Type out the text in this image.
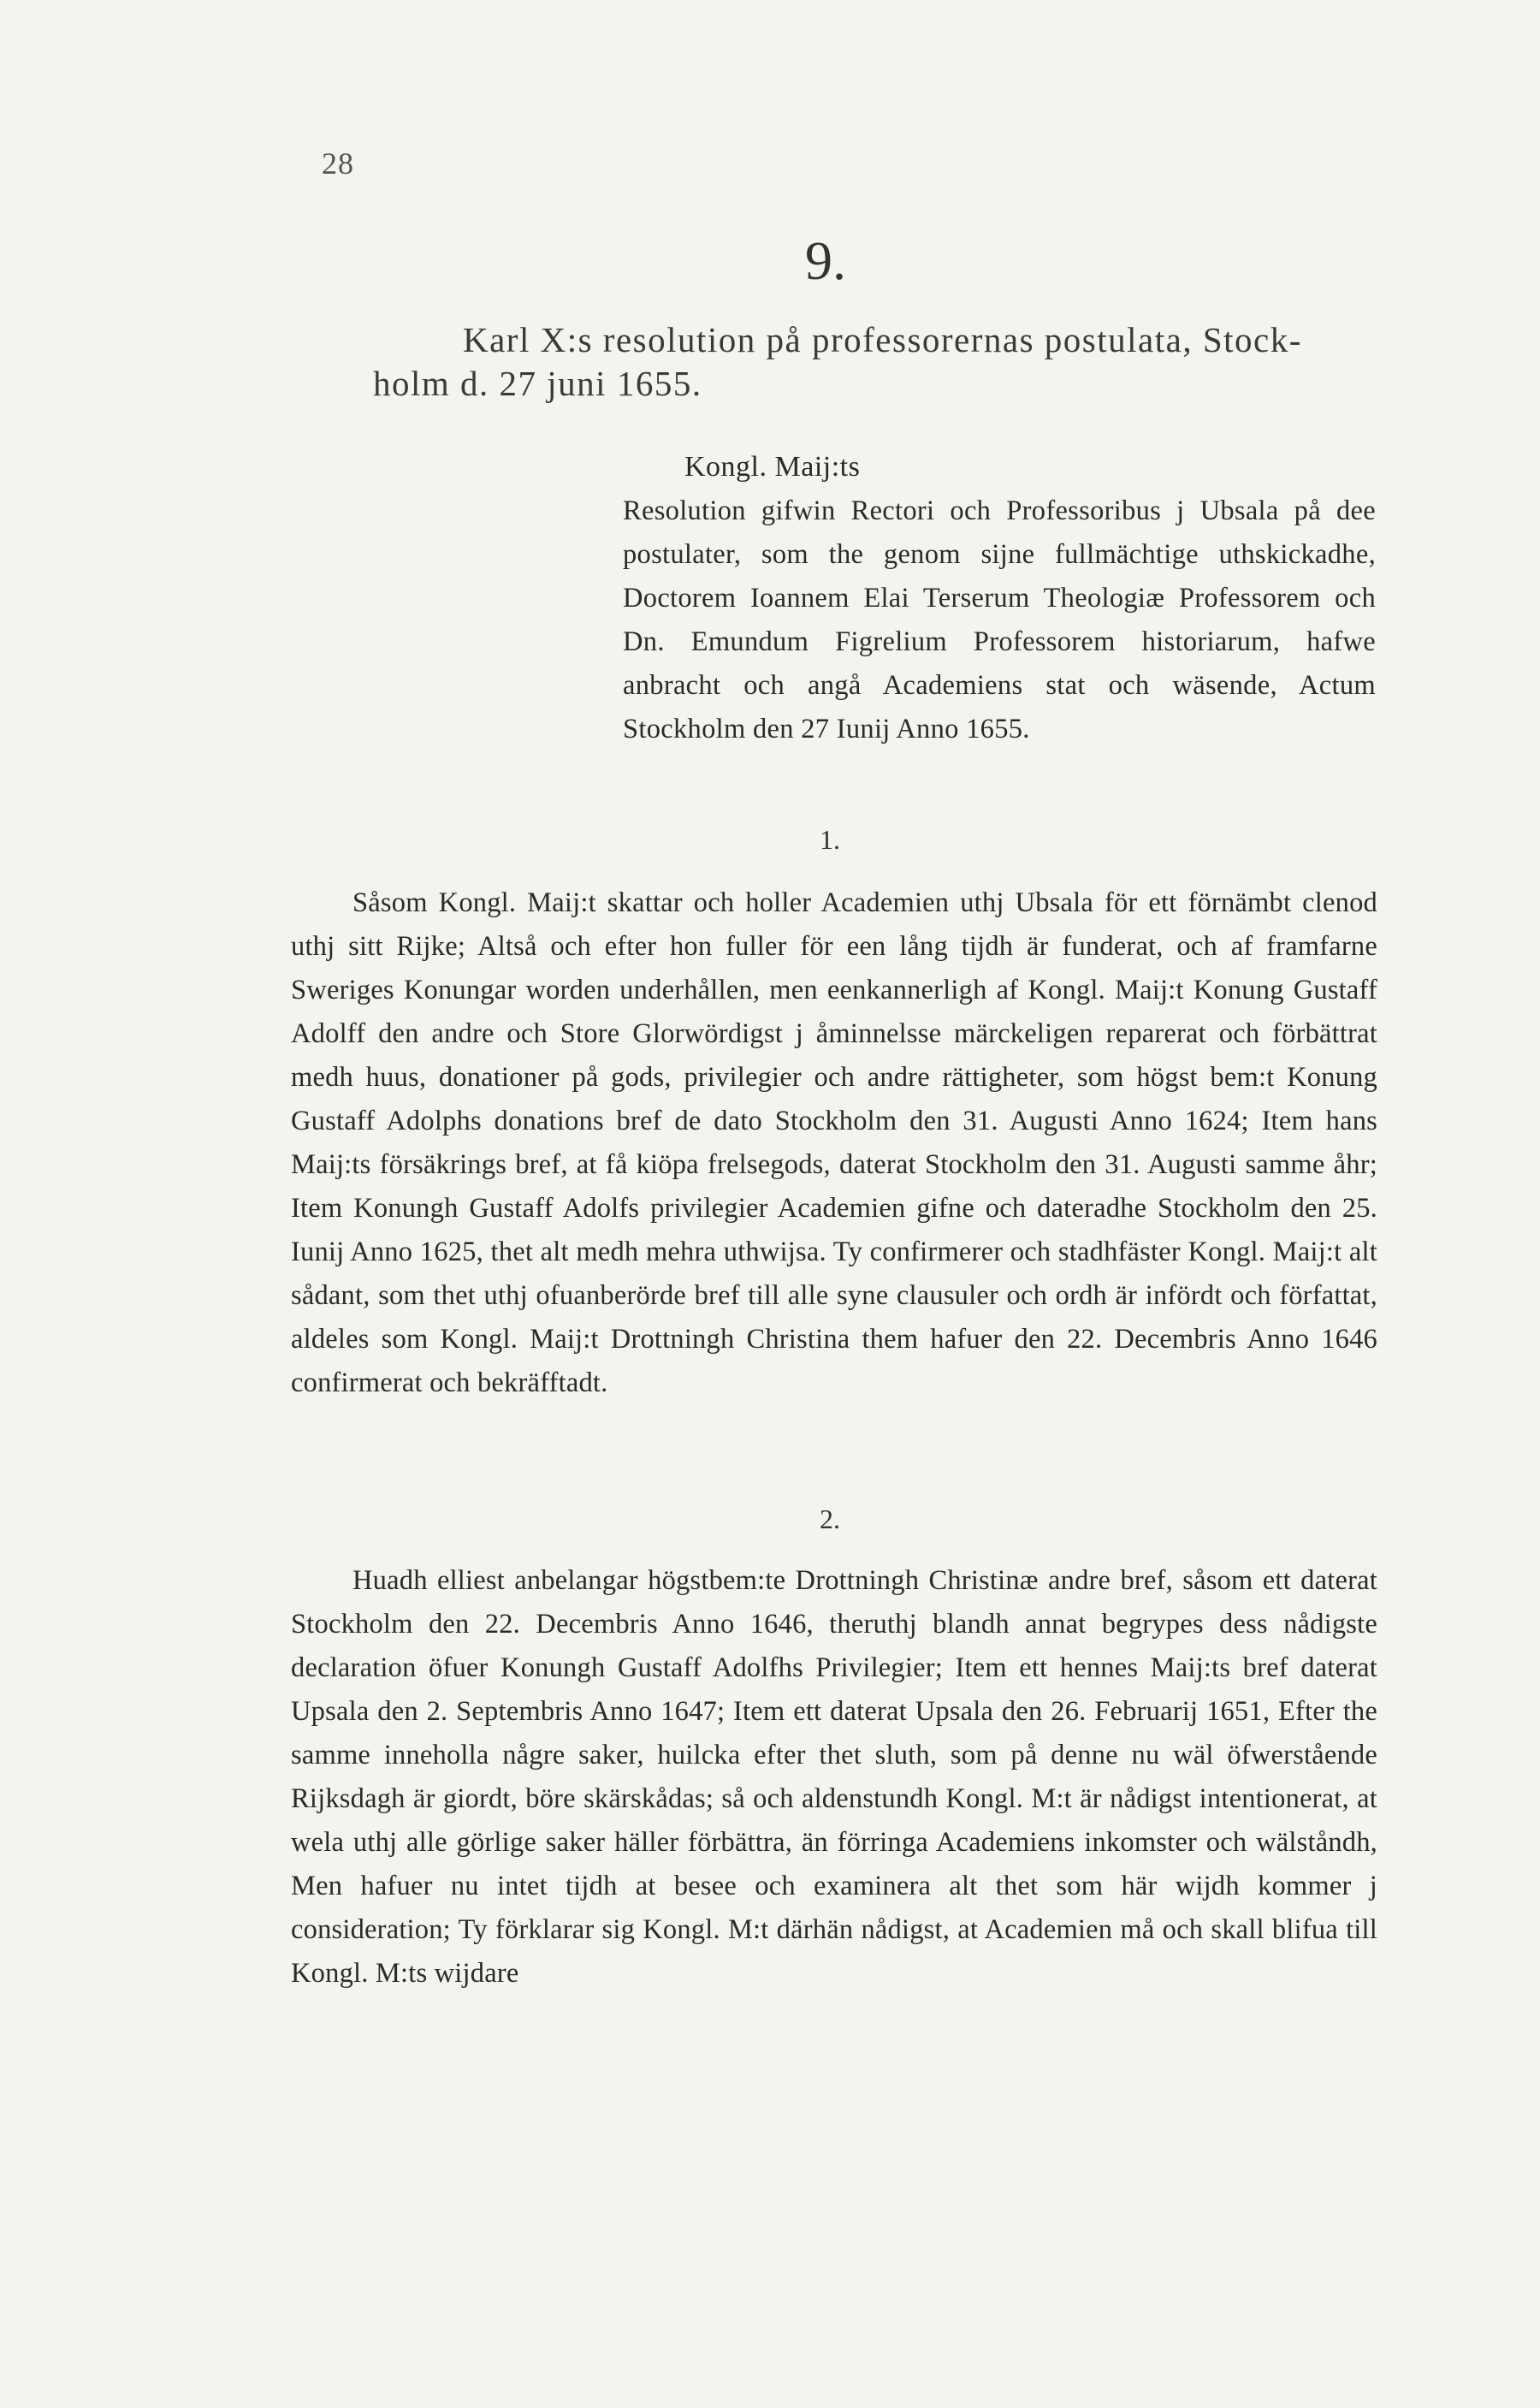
28
9.
Karl X:s resolution på professorernas postulata, Stock-
holm d. 27 juni 1655.
Kongl. Maij:ts

Resolution gifwin Rectori och Professoribus j Ubsala på dee postulater, som the genom sijne fullmächtige uthskickadhe, Doctorem Ioannem Elai Terserum Theologiæ Professorem och Dn. Emundum Figrelium Professorem historiarum, hafwe anbracht och angå Academiens stat och wäsende, Actum Stockholm den 27 Iunij Anno 1655.

1.

Såsom Kongl. Maij:t skattar och holler Academien uthj Ubsala för ett förnämbt clenod uthj sitt Rijke; Altså och efter hon fuller för een lång tijdh är funderat, och af framfarne Sweriges Konungar worden underhållen, men eenkannerligh af Kongl. Maij:t Konung Gustaff Adolff den andre och Store Glorwördigst j åminnelsse märckeligen reparerat och förbättrat medh huus, donationer på gods, privilegier och andre rättigheter, som högst bem:t Konung Gustaff Adolphs donations bref de dato Stockholm den 31. Augusti Anno 1624; Item hans Maij:ts försäkrings bref, at få kiöpa frelsegods, daterat Stockholm den 31. Augusti samme åhr; Item Konungh Gustaff Adolfs privilegier Academien gifne och dateradhe Stockholm den 25. Iunij Anno 1625, thet alt medh mehra uthwijsa. Ty confirmerer och stadhfäster Kongl. Maij:t alt sådant, som thet uthj ofuanberörde bref till alle syne clausuler och ordh är infördt och författat, aldeles som Kongl. Maij:t Drottningh Christina them hafuer den 22. Decembris Anno 1646 confirmerat och bekräfftadt.

2.

Huadh elliest anbelangar högstbem:te Drottningh Christinæ andre bref, såsom ett daterat Stockholm den 22. Decembris Anno 1646, theruthj blandh annat begrypes dess nådigste declaration öfuer Konungh Gustaff Adolfhs Privilegier; Item ett hennes Maij:ts bref daterat Upsala den 2. Septembris Anno 1647; Item ett daterat Upsala den 26. Februarij 1651, Efter the samme inneholla någre saker, huilcka efter thet sluth, som på denne nu wäl öfwerstående Rijksdagh är giordt, böre skärskådas; så och aldenstundh Kongl. M:t är nådigst intentionerat, at wela uthj alle görlige saker häller förbättra, än förringa Academiens inkomster och wälståndh, Men hafuer nu intet tijdh at besee och examinera alt thet som här wijdh kommer j consideration; Ty förklarar sig Kongl. M:t därhän nådigst, at Academien må och skall blifua till Kongl. M:ts wijdare
